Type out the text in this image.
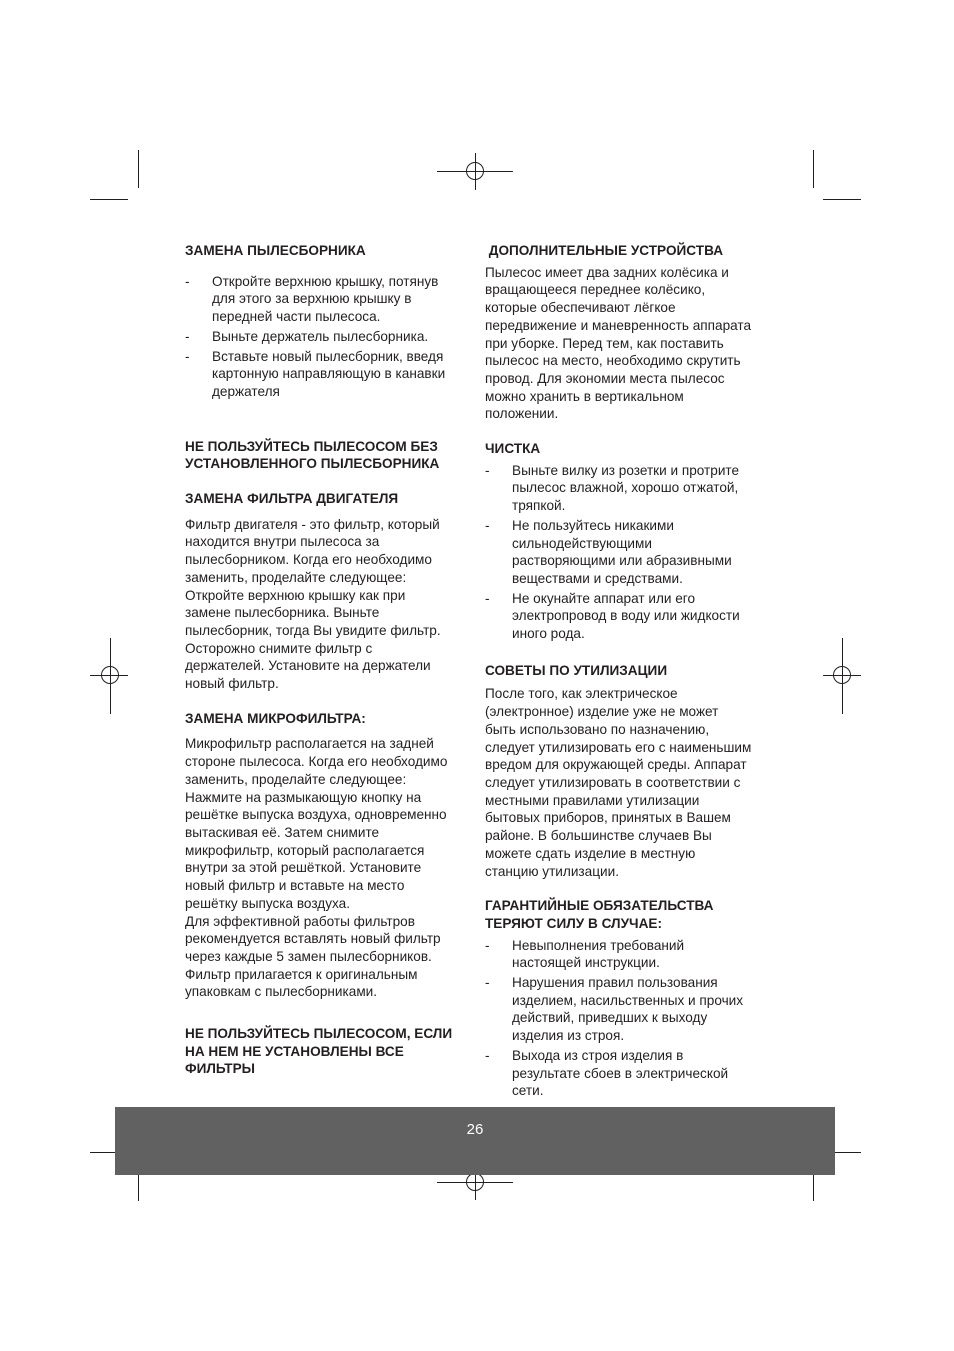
ЗАМЕНА ПЫЛЕСБОРНИКА
- Откройте верхнюю крышку, потянув
для этого за верхнюю крышку в
передней части пылесоса.
- Выньте держатель пылесборника.
- Вставьте новый пылесборник, введя
картонную направляющую в канавки
держателя
НЕ ПОЛЬЗУЙТЕСЬ ПЫЛЕСОСОМ БЕЗ
УСТАНОВЛЕННОГО ПЫЛЕСБОРНИКА
ЗАМЕНА ФИЛЬТРА ДВИГАТЕЛЯ
Фильтр двигателя - это фильтр, который
находится внутри пылесоса за
пылесборником. Когда его необходимо
заменить, проделайте следующее:
Откройте верхнюю крышку как при
замене пылесборника. Выньте
пылесборник, тогда Вы увидите фильтр.
Осторожно снимите фильтр с
держателей. Установите на держатели
новый фильтр.
ЗАМЕНА МИКРОФИЛЬТРА:
Микрофильтр располагается на задней
стороне пылесоса. Когда его необходимо
заменить, проделайте следующее:
Нажмите на размыкающую кнопку на
решётке выпуска воздуха, одновременно
вытаскивая её. Затем снимите
микрофильтр, который располагается
внутри за этой решёткой. Установите
новый фильтр и вставьте на место
решётку выпуска воздуха.
Для эффективной работы фильтров
рекомендуется вставлять новый фильтр
через каждые 5 замен пылесборников.
Фильтр прилагается к оригинальным
упаковкам с пылесборниками.
НЕ ПОЛЬЗУЙТЕСЬ ПЫЛЕСОСОМ, ЕСЛИ
НА НЕМ НЕ УСТАНОВЛЕНЫ ВСЕ
ФИЛЬТРЫ
ДОПОЛНИТЕЛЬНЫЕ УСТРОЙСТВА
Пылесос имеет два задних колёсика и
вращающееся переднее колёсико,
которые обеспечивают лёгкое
передвижение и маневренность аппарата
при уборке. Перед тем, как поставить
пылесос на место, необходимо скрутить
провод. Для экономии места пылесос
можно хранить в вертикальном
положении.
ЧИСТКА
- Выньте вилку из розетки и протрите
пылесос влажной, хорошо отжатой,
тряпкой.
- Не пользуйтесь никакими
сильнодействующими
растворяющими или абразивными
веществами и средствами.
- Не окунайте аппарат или его
электропровод в воду или жидкости
иного рода.
СОВЕТЫ ПО УТИЛИЗАЦИИ
После того, как электрическое
(электронное) изделие уже не может
быть использовано по назначению,
следует утилизировать его с наименьшим
вредом для окружающей среды. Аппарат
следует утилизировать в соответствии с
местными правилами утилизации
бытовых приборов, принятых в Вашем
районе. В большинстве случаев Вы
можете сдать изделие в местную
станцию утилизации.
ГАРАНТИЙНЫЕ ОБЯЗАТЕЛЬСТВА
ТЕРЯЮТ СИЛУ В СЛУЧАЕ:
- Невыполнения требований
настоящей инструкции.
- Нарушения правил пользования
изделием, насильственных и прочих
действий, приведших к выходу
изделия из строя.
- Выхода из строя изделия в
результате сбоев в электрической
сети.
26
